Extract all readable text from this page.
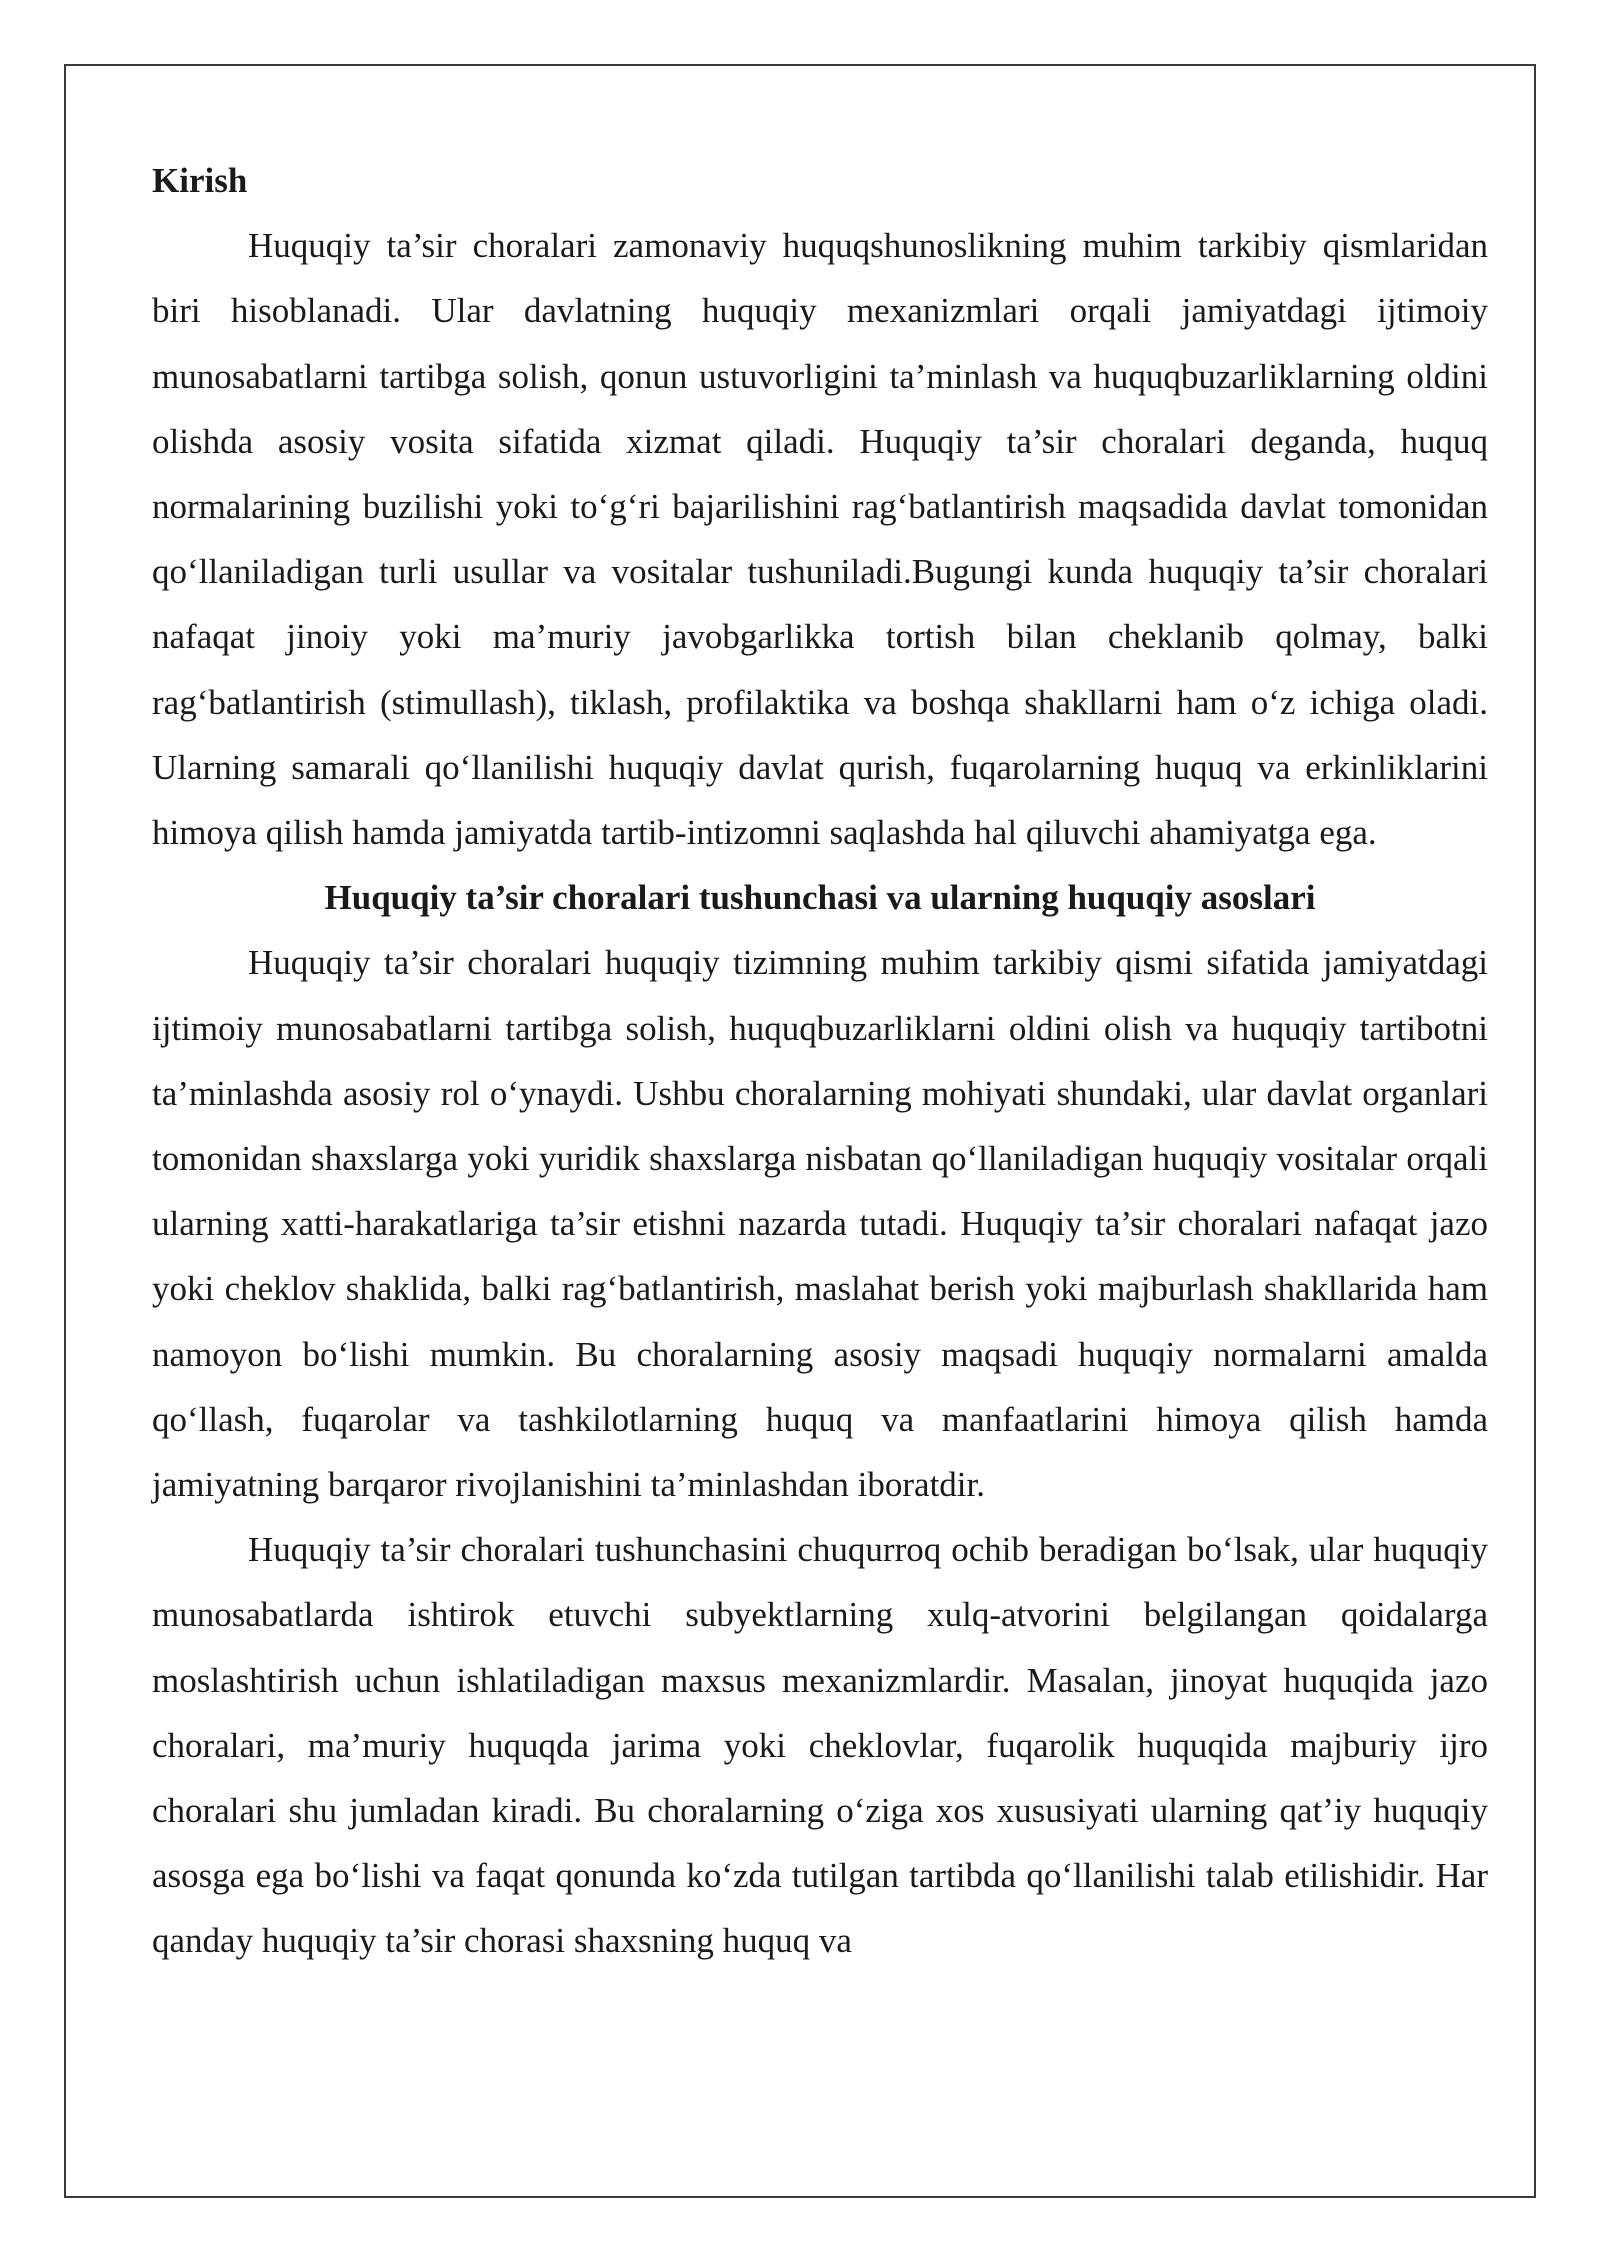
Kirish

Huquqiy ta’sir choralari zamonaviy huquqshunoslikning muhim tarkibiy qismlaridan biri hisoblanadi. Ular davlatning huquqiy mexanizmlari orqali jamiyatdagi ijtimoiy munosabatlarni tartibga solish, qonun ustuvorligini ta’minlash va huquqbuzarliklarning oldini olishda asosiy vosita sifatida xizmat qiladi. Huquqiy ta’sir choralari deganda, huquq normalarining buzilishi yoki to‘g‘ri bajarilishini rag‘batlantirish maqsadida davlat tomonidan qo‘llaniladigan turli usullar va vositalar tushuniladi.Bugungi kunda huquqiy ta’sir choralari nafaqat jinoiy yoki ma’muriy javobgarlikka tortish bilan cheklanib qolmay, balki rag‘batlantirish (stimullash), tiklash, profilaktika va boshqa shakllarni ham o‘z ichiga oladi. Ularning samarali qo‘llanilishi huquqiy davlat qurish, fuqarolarning huquq va erkinliklarini himoya qilish hamda jamiyatda tartib-intizomni saqlashda hal qiluvchi ahamiyatga ega.

Huquqiy ta’sir choralari tushunchasi va ularning huquqiy asoslari

Huquqiy ta’sir choralari huquqiy tizimning muhim tarkibiy qismi sifatida jamiyatdagi ijtimoiy munosabatlarni tartibga solish, huquqbuzarliklarni oldini olish va huquqiy tartibotni ta’minlashda asosiy rol o‘ynaydi. Ushbu choralarning mohiyati shundaki, ular davlat organlari tomonidan shaxslarga yoki yuridik shaxslarga nisbatan qo‘llaniladigan huquqiy vositalar orqali ularning xatti-harakatlariga ta’sir etishni nazarda tutadi. Huquqiy ta’sir choralari nafaqat jazo yoki cheklov shaklida, balki rag‘batlantirish, maslahat berish yoki majburlash shakllarida ham namoyon bo‘lishi mumkin. Bu choralarning asosiy maqsadi huquqiy normalarni amalda qo‘llash, fuqarolar va tashkilotlarning huquq va manfaatlarini himoya qilish hamda jamiyatning barqaror rivojlanishini ta’minlashdan iboratdir.

Huquqiy ta’sir choralari tushunchasini chuqurroq ochib beradigan bo‘lsak, ular huquqiy munosabatlarda ishtirok etuvchi subyektlarning xulq-atvorini belgilangan qoidalarga moslashtirish uchun ishlatiladigan maxsus mexanizmlardir. Masalan, jinoyat huquqida jazo choralari, ma’muriy huquqda jarima yoki cheklovlar, fuqarolik huquqida majburiy ijro choralari shu jumladan kiradi. Bu choralarning o‘ziga xos xususiyati ularning qat’iy huquqiy asosga ega bo‘lishi va faqat qonunda ko‘zda tutilgan tartibda qo‘llanilishi talab etilishidir. Har qanday huquqiy ta’sir chorasi shaxsning huquq va
